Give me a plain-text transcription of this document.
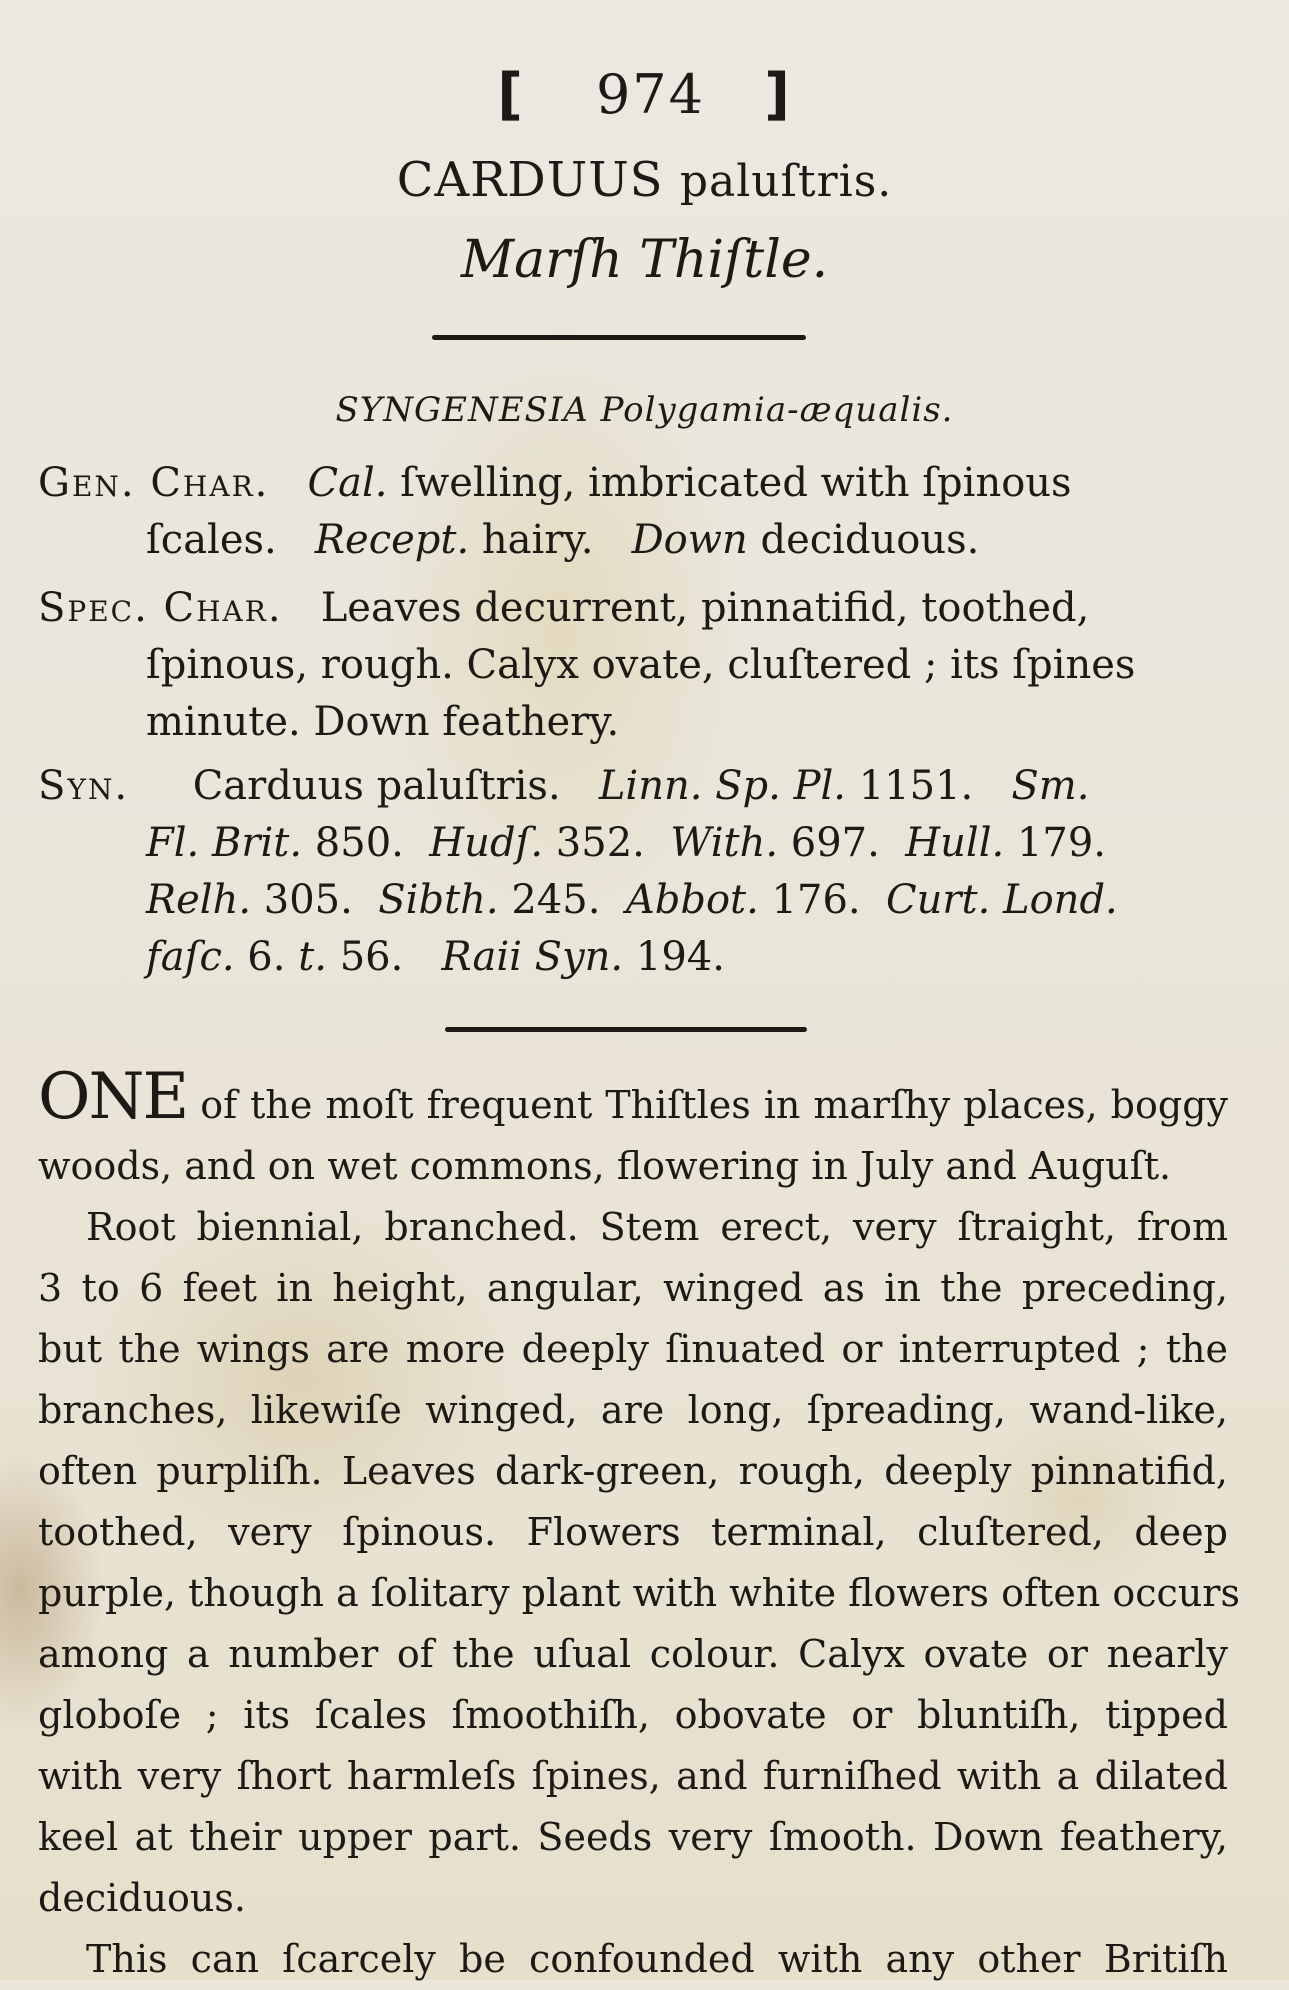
[ 974 ]
CARDUUS paluſtris.
Marſh Thiſtle.
SYNGENESIA Polygamia-æqualis.
Gen. Char. Cal. ſwelling, imbricated with ſpinous
ſcales. Recept. hairy. Down deciduous.
Spec. Char. Leaves decurrent, pinnatifid, toothed,
ſpinous, rough. Calyx ovate, cluſtered ; its ſpines
minute. Down feathery.
Syn. Carduus paluſtris. Linn. Sp. Pl. 1151. Sm.
Fl. Brit. 850. Hudſ. 352. With. 697. Hull. 179.
Relh. 305. Sibth. 245. Abbot. 176. Curt. Lond.
faſc. 6. t. 56. Raii Syn. 194.
ONE of the moſt frequent Thiſtles in marſhy places, boggy
woods, and on wet commons, flowering in July and Auguſt.
Root biennial, branched. Stem erect, very ſtraight, from
3 to 6 feet in height, angular, winged as in the preceding,
but the wings are more deeply ſinuated or interrupted ; the
branches, likewiſe winged, are long, ſpreading, wand-like,
often purpliſh. Leaves dark-green, rough, deeply pinnatifid,
toothed, very ſpinous. Flowers terminal, cluſtered, deep
purple, though a ſolitary plant with white flowers often occurs
among a number of the uſual colour. Calyx ovate or nearly
globoſe ; its ſcales ſmoothiſh, obovate or bluntiſh, tipped
with very ſhort harmleſs ſpines, and furniſhed with a dilated
keel at their upper part. Seeds very ſmooth. Down feathery,
deciduous.
This can ſcarcely be confounded with any other Britiſh
